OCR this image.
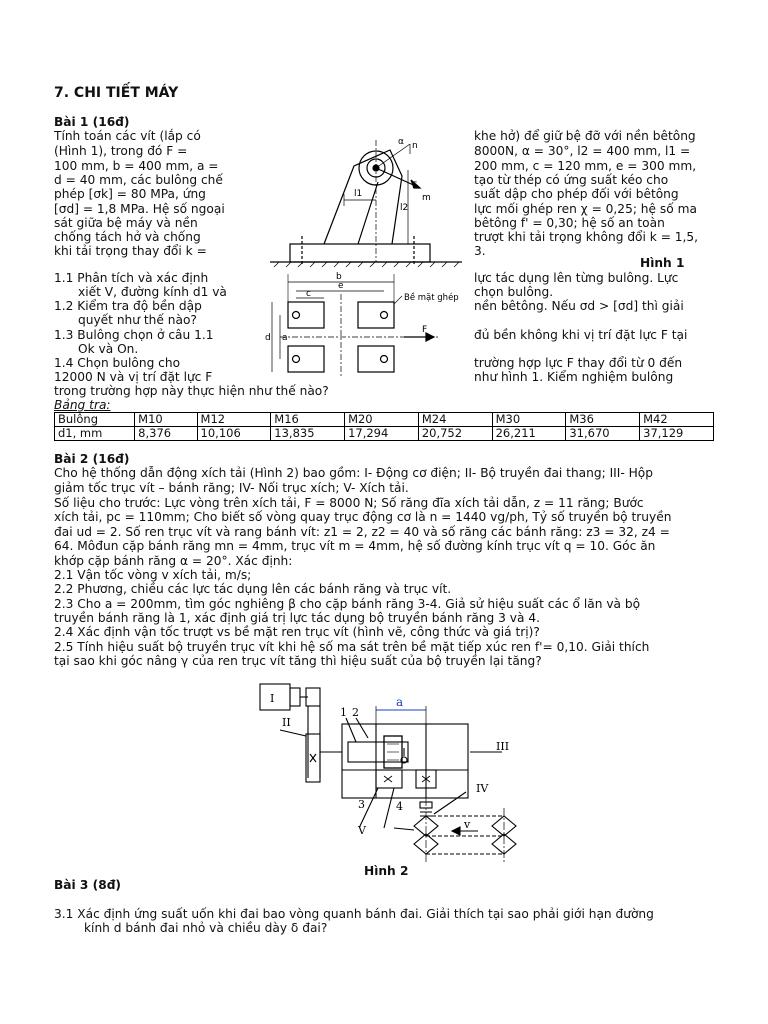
7. CHI TIẾT MÁY
Bài 1 (16đ)
Tính toán các vít (lắp có
(Hình 1), trong đó F =
100 mm, b = 400 mm, a =
d = 40 mm, các bulông chế
phép [σk] = 80 MPa, ứng
[σd] = 1,8 MPa. Hệ số ngoại
sát giữa bệ máy và nền
chống tách hở và chống
khi tải trọng thay đổi k =
khe hở) để giữ bệ đỡ với nền bêtông
8000N, α = 30°, l2 = 400 mm, l1 =
200 mm, c = 120 mm, e = 300 mm,
tạo từ thép có ứng suất kéo cho
suất dập cho phép đối với bêtông
lực mối ghép ren χ = 0,25; hệ số ma
bêtông f' = 0,30; hệ số an toàn
trượt khi tải trọng không đổi k = 1,5,
3.
Hình 1
1.1 Phân tích và xác định
xiết V, đường kính d1 và
1.2 Kiểm tra độ bền dập
quyết như thế nào?
1.3 Bulông chọn ở câu 1.1
Ok và On.
1.4 Chọn bulông cho
12000 N và vị trí đặt lực F
trong trường hợp này thực hiện như thế nào?
lực tác dụng lên từng bulông. Lực
chọn bulông.
nền bêtông. Nếu σd > [σd] thì giải
đủ bền không khi vị trí đặt lực F tại
trường hợp lực F thay đổi từ 0 đến
như hình 1. Kiểm nghiệm bulông
b
e
c
d a
F
F
α n
m
l1
l2
Bề mặt ghép
Bảng tra:
Bulông	M10	M12	M16	M20	M24	M30	M36	M42
d1, mm	8,376	10,106	13,835	17,294	20,752	26,211	31,670	37,129
Bài 2 (16đ)
Cho hệ thống dẫn động xích tải (Hình 2) bao gồm: I- Động cơ điện; II- Bộ truyền đai thang; III- Hộp
giảm tốc trục vít – bánh răng; IV- Nối trục xích; V- Xích tải.
Số liệu cho trước: Lực vòng trên xích tải, F = 8000 N; Số răng đĩa xích tải dẫn, z = 11 răng; Bước
xích tải, pc = 110mm; Cho biết số vòng quay trục động cơ là n = 1440 vg/ph, Tỷ số truyền bộ truyền
đai ud = 2. Số ren trục vít và rang bánh vít: z1 = 2, z2 = 40 và số răng các bánh răng: z3 = 32, z4 =
64. Môđun cặp bánh răng mn = 4mm, trục vít m = 4mm, hệ số đường kính trục vít q = 10. Góc ăn
khớp cặp bánh răng α = 20°. Xác định:
2.1 Vận tốc vòng v xích tải, m/s;
2.2 Phương, chiều các lực tác dụng lên các bánh răng và trục vít.
2.3 Cho a = 200mm, tìm góc nghiêng β cho cặp bánh răng 3-4. Giả sử hiệu suất các ổ lăn và bộ
truyền bánh răng là 1, xác định giá trị lực tác dụng bộ truyền bánh răng 3 và 4.
2.4 Xác định vận tốc trượt vs bề mặt ren trục vít (hình vẽ, công thức và giá trị)?
2.5 Tính hiệu suất bộ truyền trục vít khi hệ số ma sát trên bề mặt tiếp xúc ren f'= 0,10. Giải thích
tại sao khi góc nâng γ của ren trục vít tăng thì hiệu suất của bộ truyền lại tăng?
I
II
III
IV
V
1 2
3	4
v
a
Hình 2
Bài 3 (8đ)
3.1 Xác định ứng suất uốn khi đai bao vòng quanh bánh đai. Giải thích tại sao phải giới hạn đường
kính d bánh đai nhỏ và chiều dày δ đai?
